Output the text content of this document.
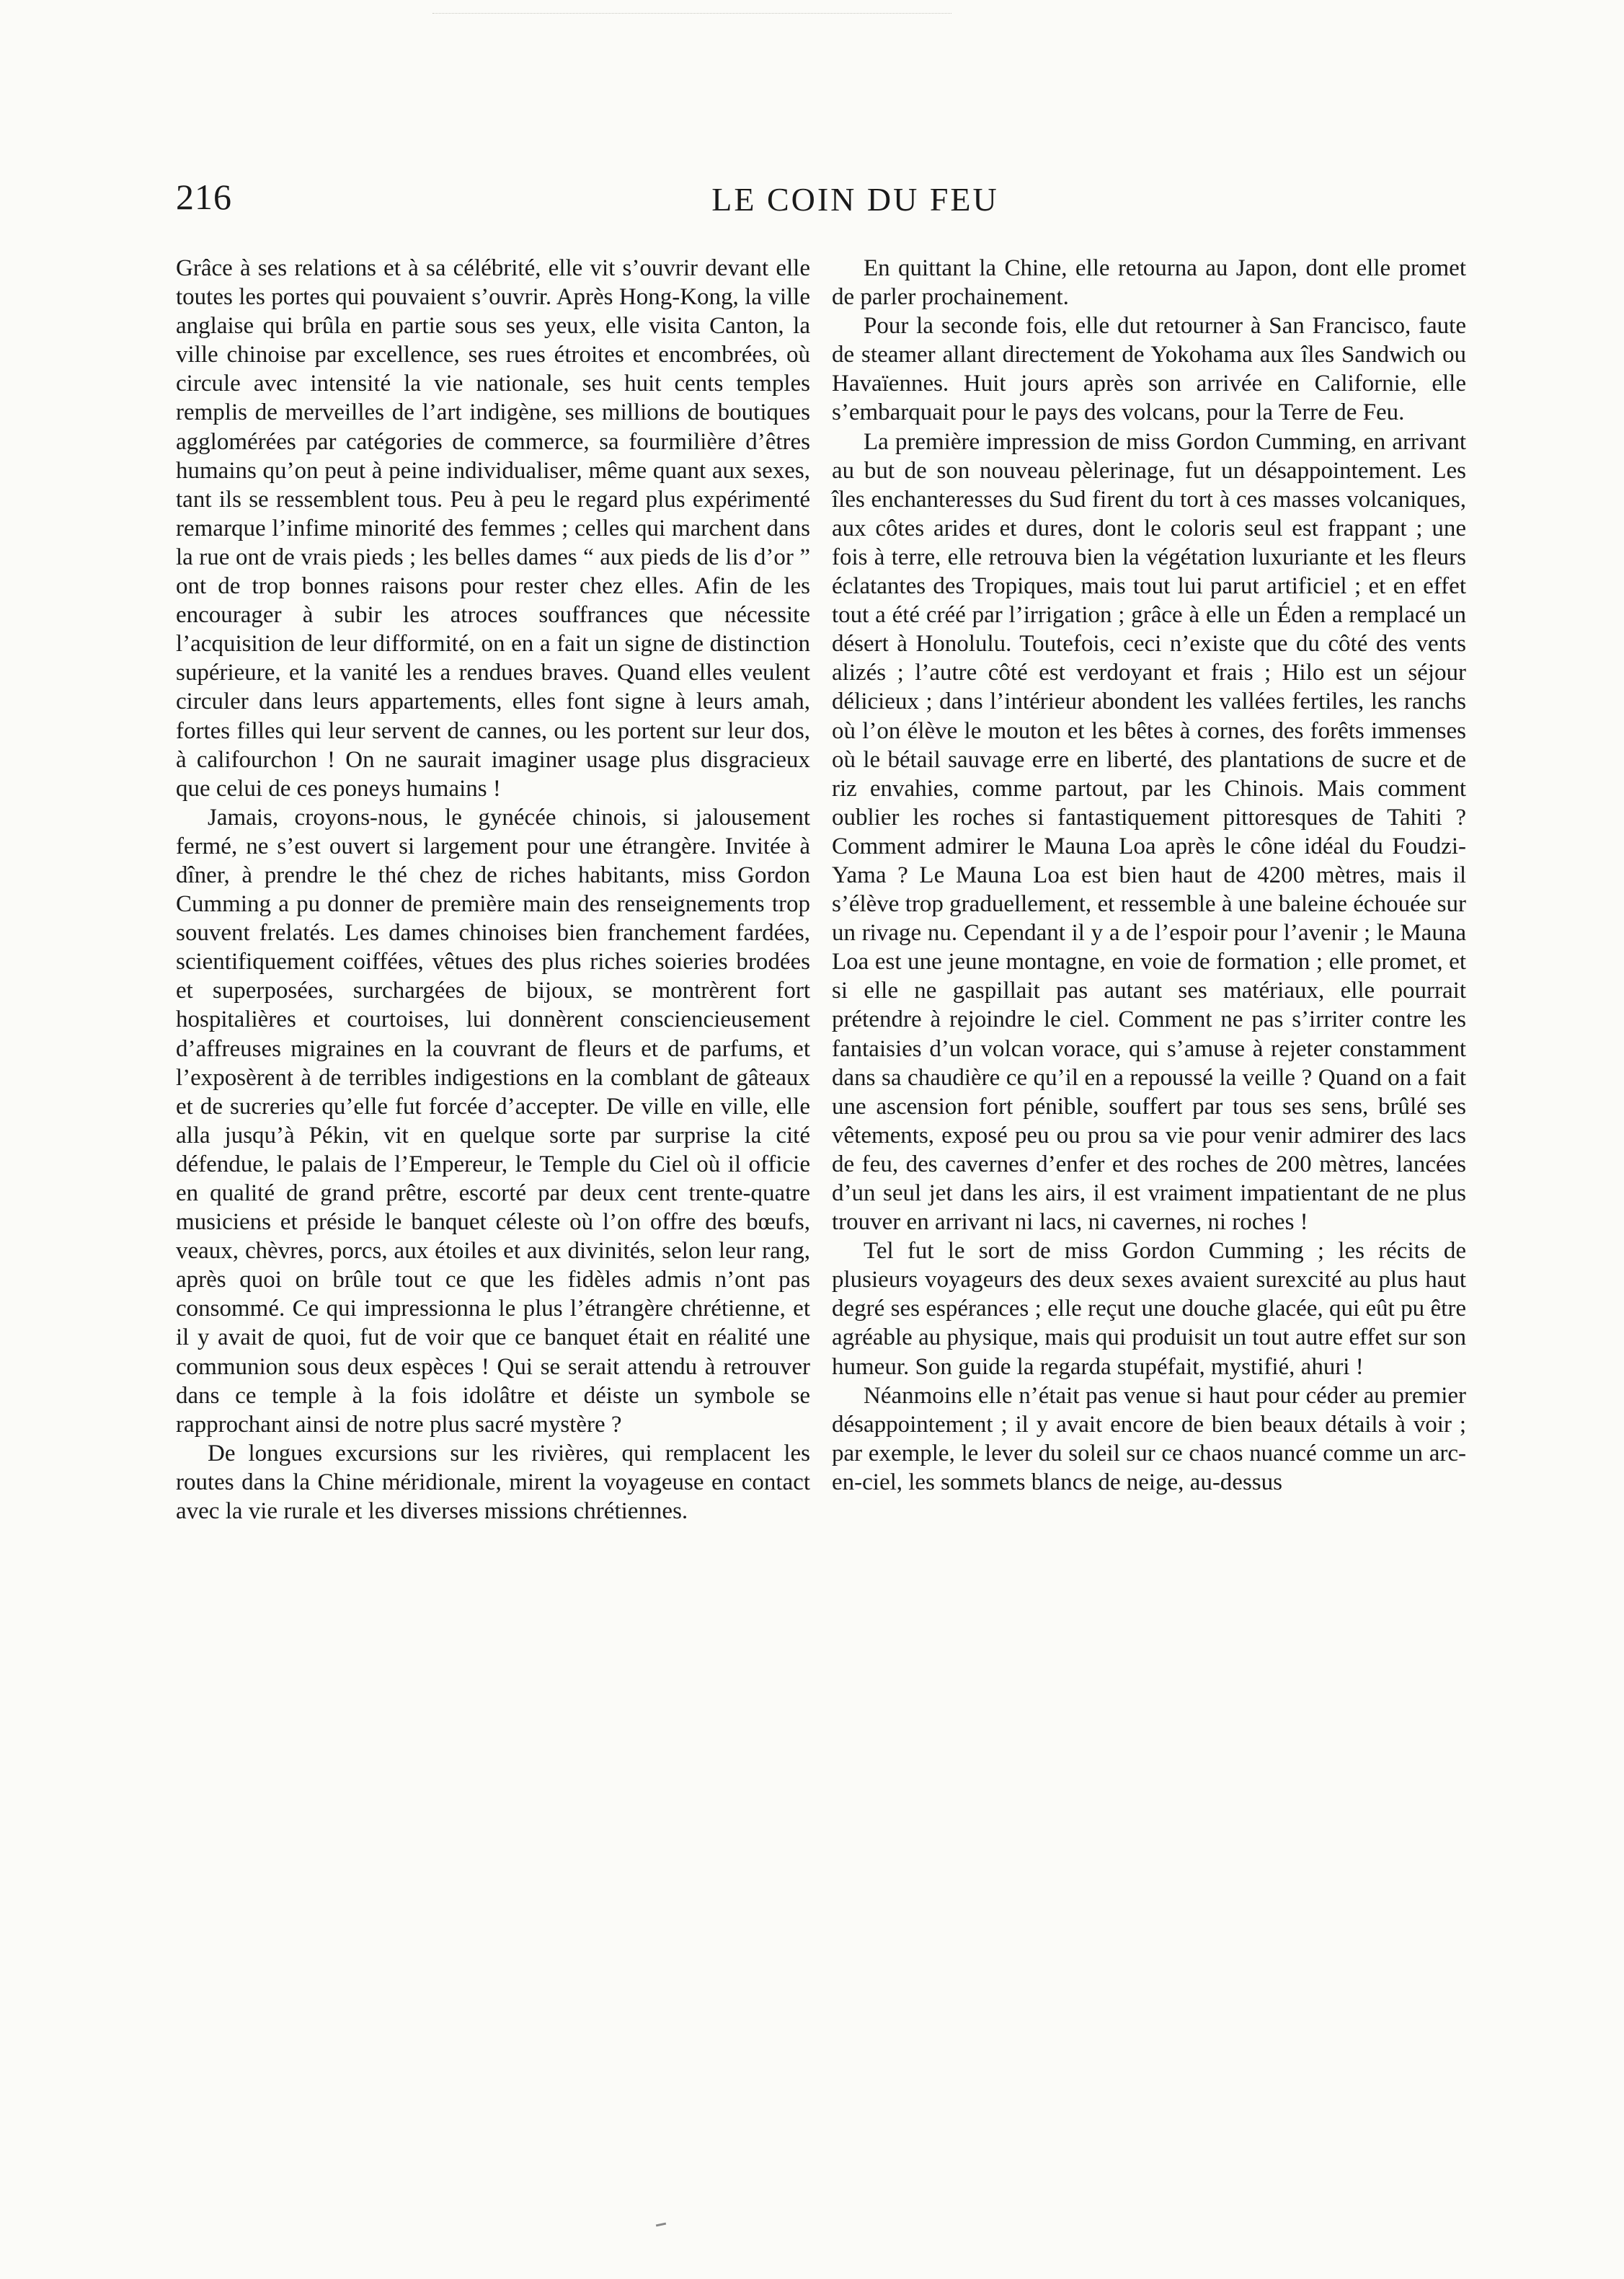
216	LE COIN DU FEU

Grâce à ses relations et à sa célébrité, elle vit s’ouvrir devant elle toutes les portes qui pouvaient s’ouvrir. Après Hong-Kong, la ville anglaise qui brûla en partie sous ses yeux, elle visita Canton, la ville chinoise par excellence, ses rues étroites et encombrées, où circule avec intensité la vie nationale, ses huit cents temples remplis de merveilles de l’art indigène, ses millions de boutiques agglomérées par catégories de commerce, sa fourmilière d’êtres humains qu’on peut à peine individualiser, même quant aux sexes, tant ils se ressemblent tous. Peu à peu le regard plus expérimenté remarque l’infime minorité des femmes ; celles qui marchent dans la rue ont de vrais pieds ; les belles dames “ aux pieds de lis d’or ” ont de trop bonnes raisons pour rester chez elles. Afin de les encourager à subir les atroces souffrances que nécessite l’acquisition de leur difformité, on en a fait un signe de distinction supérieure, et la vanité les a rendues braves. Quand elles veulent circuler dans leurs appartements, elles font signe à leurs amah, fortes filles qui leur servent de cannes, ou les portent sur leur dos, à califourchon ! On ne saurait imaginer usage plus disgracieux que celui de ces poneys humains !

Jamais, croyons-nous, le gynécée chinois, si jalousement fermé, ne s’est ouvert si largement pour une étrangère. Invitée à dîner, à prendre le thé chez de riches habitants, miss Gordon Cumming a pu donner de première main des renseignements trop souvent frelatés. Les dames chinoises bien franchement fardées, scientifiquement coiffées, vêtues des plus riches soieries brodées et superposées, surchargées de bijoux, se montrèrent fort hospitalières et courtoises, lui donnèrent consciencieusement d’affreuses migraines en la couvrant de fleurs et de parfums, et l’exposèrent à de terribles indigestions en la comblant de gâteaux et de sucreries qu’elle fut forcée d’accepter. De ville en ville, elle alla jusqu’à Pékin, vit en quelque sorte par surprise la cité défendue, le palais de l’Empereur, le Temple du Ciel où il officie en qualité de grand prêtre, escorté par deux cent trente-quatre musiciens et préside le banquet céleste où l’on offre des bœufs, veaux, chèvres, porcs, aux étoiles et aux divinités, selon leur rang, après quoi on brûle tout ce que les fidèles admis n’ont pas consommé. Ce qui impressionna le plus l’étrangère chrétienne, et il y avait de quoi, fut de voir que ce banquet était en réalité une communion sous deux espèces ! Qui se serait attendu à retrouver dans ce temple à la fois idolâtre et déiste un symbole se rapprochant ainsi de notre plus sacré mystère ?

De longues excursions sur les rivières, qui remplacent les routes dans la Chine méridionale, mirent la voyageuse en contact avec la vie rurale et les diverses missions chrétiennes.

En quittant la Chine, elle retourna au Japon, dont elle promet de parler prochainement.

Pour la seconde fois, elle dut retourner à San Francisco, faute de steamer allant directement de Yokohama aux îles Sandwich ou Havaïennes. Huit jours après son arrivée en Californie, elle s’embarquait pour le pays des volcans, pour la Terre de Feu.

La première impression de miss Gordon Cumming, en arrivant au but de son nouveau pèlerinage, fut un désappointement. Les îles enchanteresses du Sud firent du tort à ces masses volcaniques, aux côtes arides et dures, dont le coloris seul est frappant ; une fois à terre, elle retrouva bien la végétation luxuriante et les fleurs éclatantes des Tropiques, mais tout lui parut artificiel ; et en effet tout a été créé par l’irrigation ; grâce à elle un Éden a remplacé un désert à Honolulu. Toutefois, ceci n’existe que du côté des vents alizés ; l’autre côté est verdoyant et frais ; Hilo est un séjour délicieux ; dans l’intérieur abondent les vallées fertiles, les ranchs où l’on élève le mouton et les bêtes à cornes, des forêts immenses où le bétail sauvage erre en liberté, des plantations de sucre et de riz envahies, comme partout, par les Chinois. Mais comment oublier les roches si fantastiquement pittoresques de Tahiti ? Comment admirer le Mauna Loa après le cône idéal du Foudzi-Yama ? Le Mauna Loa est bien haut de 4200 mètres, mais il s’élève trop graduellement, et ressemble à une baleine échouée sur un rivage nu. Cependant il y a de l’espoir pour l’avenir ; le Mauna Loa est une jeune montagne, en voie de formation ; elle promet, et si elle ne gaspillait pas autant ses matériaux, elle pourrait prétendre à rejoindre le ciel. Comment ne pas s’irriter contre les fantaisies d’un volcan vorace, qui s’amuse à rejeter constamment dans sa chaudière ce qu’il en a repoussé la veille ? Quand on a fait une ascension fort pénible, souffert par tous ses sens, brûlé ses vêtements, exposé peu ou prou sa vie pour venir admirer des lacs de feu, des cavernes d’enfer et des roches de 200 mètres, lancées d’un seul jet dans les airs, il est vraiment impatientant de ne plus trouver en arrivant ni lacs, ni cavernes, ni roches !

Tel fut le sort de miss Gordon Cumming ; les récits de plusieurs voyageurs des deux sexes avaient surexcité au plus haut degré ses espérances ; elle reçut une douche glacée, qui eût pu être agréable au physique, mais qui produisit un tout autre effet sur son humeur. Son guide la regarda stupéfait, mystifié, ahuri !

Néanmoins elle n’était pas venue si haut pour céder au premier désappointement ; il y avait encore de bien beaux détails à voir ; par exemple, le lever du soleil sur ce chaos nuancé comme un arc-en-ciel, les sommets blancs de neige, au-dessus
